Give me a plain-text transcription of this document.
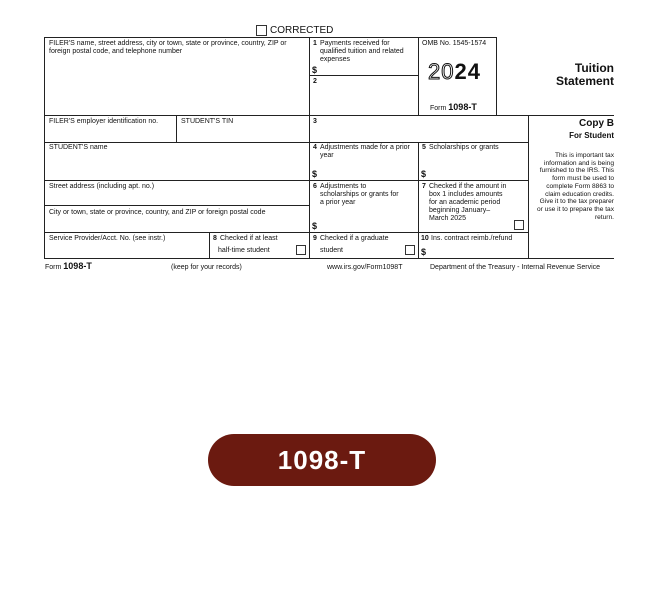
CORRECTED
FILER'S name, street address, city or town, state or province, country, ZIP or foreign postal code, and telephone number
FILER'S employer identification no.	STUDENT'S TIN
STUDENT'S name
Street address (including apt. no.)
City or town, state or province, country, and ZIP or foreign postal code
Service Provider/Acct. No. (see instr.)
1 Payments received for qualified tuition and related expenses
$
2
OMB No. 1545-1574
2024
Form 1098-T
Tuition
Statement
3
4 Adjustments made for a prior year
$
5 Scholarships or grants
$
6 Adjustments to scholarships or grants for a prior year
$
7 Checked if the amount in box 1 includes amounts for an academic period beginning January– March 2025
8 Checked if at least
half-time student
9 Checked if a graduate
student
10 Ins. contract reimb./refund
$
Copy B
For Student
This is important tax information and is being furnished to the IRS. This form must be used to complete Form 8863 to claim education credits. Give it to the tax preparer or use it to prepare the tax return.
Form 1098-T	(keep for your records)	www.irs.gov/Form1098T	Department of the Treasury - Internal Revenue Service
1098-T
